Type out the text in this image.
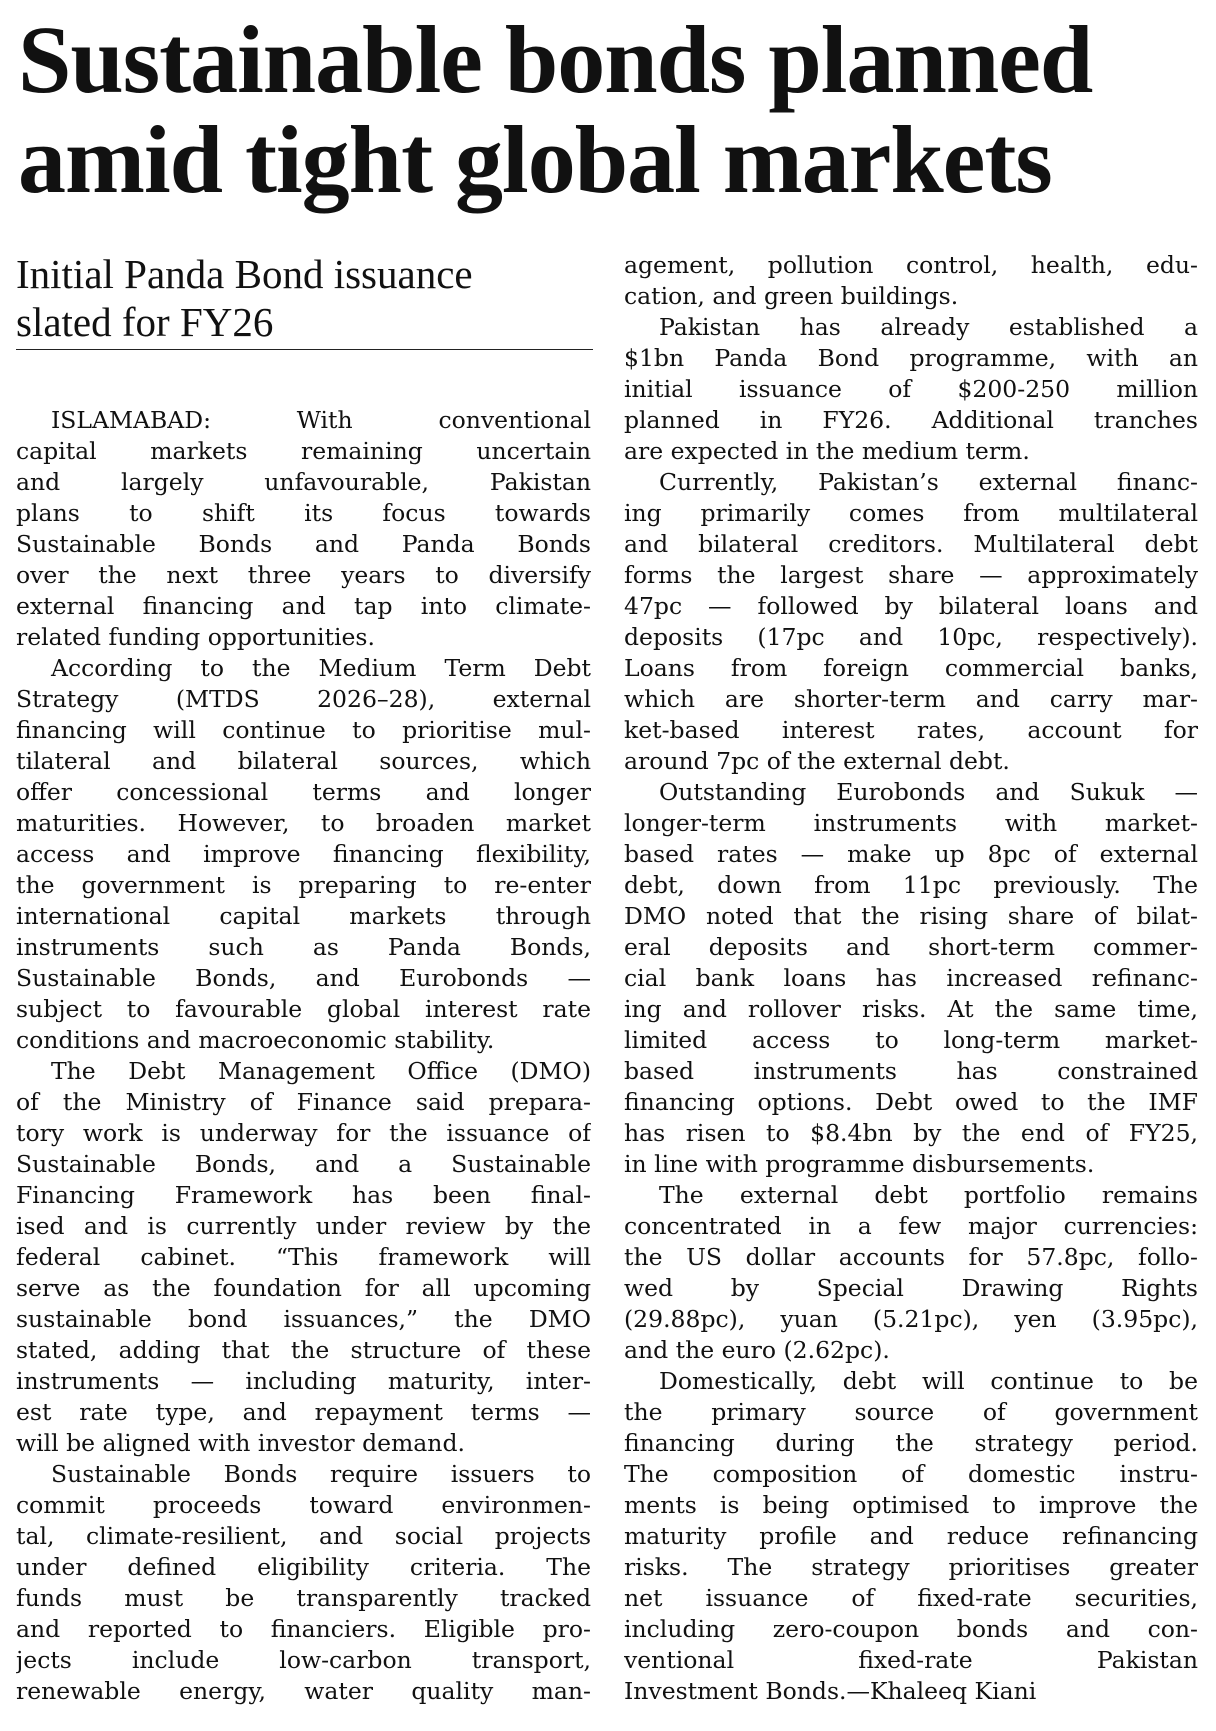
Sustainable bonds planned
amid tight global markets
Initial Panda Bond issuance
slated for FY26
ISLAMABAD: With conventional
capital markets remaining uncertain
and largely unfavourable, Pakistan
plans to shift its focus towards
Sustainable Bonds and Panda Bonds
over the next three years to diversify
external financing and tap into climate-
related funding opportunities.
According to the Medium Term Debt
Strategy (MTDS 2026–28), external
financing will continue to prioritise mul-
tilateral and bilateral sources, which
offer concessional terms and longer
maturities. However, to broaden market
access and improve financing flexibility,
the government is preparing to re-enter
international capital markets through
instruments such as Panda Bonds,
Sustainable Bonds, and Eurobonds —
subject to favourable global interest rate
conditions and macroeconomic stability.
The Debt Management Office (DMO)
of the Ministry of Finance said prepara-
tory work is underway for the issuance of
Sustainable Bonds, and a Sustainable
Financing Framework has been final-
ised and is currently under review by the
federal cabinet. “This framework will
serve as the foundation for all upcoming
sustainable bond issuances,” the DMO
stated, adding that the structure of these
instruments — including maturity, inter-
est rate type, and repayment terms —
will be aligned with investor demand.
Sustainable Bonds require issuers to
commit proceeds toward environmen-
tal, climate-resilient, and social projects
under defined eligibility criteria. The
funds must be transparently tracked
and reported to financiers. Eligible pro-
jects include low-carbon transport,
renewable energy, water quality man-
agement, pollution control, health, edu-
cation, and green buildings.
Pakistan has already established a
$1bn Panda Bond programme, with an
initial issuance of $200-250 million
planned in FY26. Additional tranches
are expected in the medium term.
Currently, Pakistan’s external financ-
ing primarily comes from multilateral
and bilateral creditors. Multilateral debt
forms the largest share — approximately
47pc — followed by bilateral loans and
deposits (17pc and 10pc, respectively).
Loans from foreign commercial banks,
which are shorter-term and carry mar-
ket-based interest rates, account for
around 7pc of the external debt.
Outstanding Eurobonds and Sukuk —
longer-term instruments with market-
based rates — make up 8pc of external
debt, down from 11pc previously. The
DMO noted that the rising share of bilat-
eral deposits and short-term commer-
cial bank loans has increased refinanc-
ing and rollover risks. At the same time,
limited access to long-term market-
based instruments has constrained
financing options. Debt owed to the IMF
has risen to $8.4bn by the end of FY25,
in line with programme disbursements.
The external debt portfolio remains
concentrated in a few major currencies:
the US dollar accounts for 57.8pc, follo-
wed by Special Drawing Rights
(29.88pc), yuan (5.21pc), yen (3.95pc),
and the euro (2.62pc).
Domestically, debt will continue to be
the primary source of government
financing during the strategy period.
The composition of domestic instru-
ments is being optimised to improve the
maturity profile and reduce refinancing
risks. The strategy prioritises greater
net issuance of fixed-rate securities,
including zero-coupon bonds and con-
ventional fixed-rate Pakistan
Investment Bonds.—Khaleeq Kiani
